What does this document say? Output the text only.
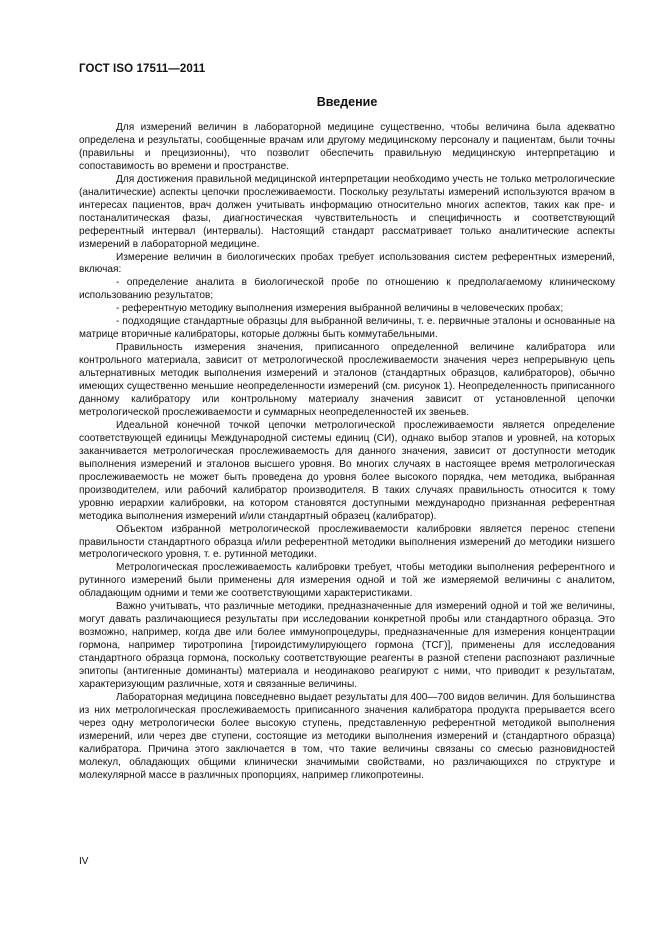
ГОСТ ISO 17511—2011
Введение

Для измерений величин в лабораторной медицине существенно, чтобы величина была адекватно определена и результаты, сообщенные врачам или другому медицинскому персоналу и пациентам, были точны (правильны и прецизионны), что позволит обеспечить правильную медицинскую интерпретацию и сопоставимость во времени и пространстве.

Для достижения правильной медицинской интерпретации необходимо учесть не только метрологические (аналитические) аспекты цепочки прослеживаемости. Поскольку результаты измерений используются врачом в интересах пациентов, врач должен учитывать информацию относительно многих аспектов, таких как пре- и постаналитическая фазы, диагностическая чувствительность и специфичность и соответствующий референтный интервал (интервалы). Настоящий стандарт рассматривает только аналитические аспекты измерений в лабораторной медицине.

Измерение величин в биологических пробах требует использования систем референтных измерений, включая:

- определение аналита в биологической пробе по отношению к предполагаемому клиническому использованию результатов;

- референтную методику выполнения измерения выбранной величины в человеческих пробах;

- подходящие стандартные образцы для выбранной величины, т. е. первичные эталоны и основанные на матрице вторичные калибраторы, которые должны быть коммутабельными.

Правильность измерения значения, приписанного определенной величине калибратора или контрольного материала, зависит от метрологической прослеживаемости значения через непрерывную цепь альтернативных методик выполнения измерений и эталонов (стандартных образцов, калибраторов), обычно имеющих существенно меньшие неопределенности измерений (см. рисунок 1). Неопределенность приписанного данному калибратору или контрольному материалу значения зависит от установленной цепочки метрологической прослеживаемости и суммарных неопределенностей их звеньев.

Идеальной конечной точкой цепочки метрологической прослеживаемости является определение соответствующей единицы Международной системы единиц (СИ), однако выбор этапов и уровней, на которых заканчивается метрологическая прослеживаемость для данного значения, зависит от доступности методик выполнения измерений и эталонов высшего уровня. Во многих случаях в настоящее время метрологическая прослеживаемость не может быть проведена до уровня более высокого порядка, чем методика, выбранная производителем, или рабочий калибратор производителя. В таких случаях правильность относится к тому уровню иерархии калибровки, на котором становятся доступными международно признанная референтная методика выполнения измерений и/или стандартный образец (калибратор).

Объектом избранной метрологической прослеживаемости калибровки является перенос степени правильности стандартного образца и/или референтной методики выполнения измерений до методики низшего метрологического уровня, т. е. рутинной методики.

Метрологическая прослеживаемость калибровки требует, чтобы методики выполнения референтного и рутинного измерений были применены для измерения одной и той же измеряемой величины с аналитом, обладающим одними и теми же соответствующими характеристиками.

Важно учитывать, что различные методики, предназначенные для измерений одной и той же величины, могут давать различающиеся результаты при исследовании конкретной пробы или стандартного образца. Это возможно, например, когда две или более иммунопроцедуры, предназначенные для измерения концентрации гормона, например тиротропина [тироидстимулирующего гормона (ТСГ)], применены для исследования стандартного образца гормона, поскольку соответствующие реагенты в разной степени распознают различные эпитопы (антигенные доминанты) материала и неодинаково реагируют с ними, что приводит к результатам, характеризующим различные, хотя и связанные величины.

Лабораторная медицина повседневно выдает результаты для 400—700 видов величин. Для большинства из них метрологическая прослеживаемость приписанного значения калибратора продукта прерывается всего через одну метрологически более высокую ступень, представленную референтной методикой выполнения измерений, или через две ступени, состоящие из методики выполнения измерений и (стандартного образца) калибратора. Причина этого заключается в том, что такие величины связаны со смесью разновидностей молекул, обладающих общими клинически значимыми свойствами, но различающихся по структуре и молекулярной массе в различных пропорциях, например гликопротеины.

IV
